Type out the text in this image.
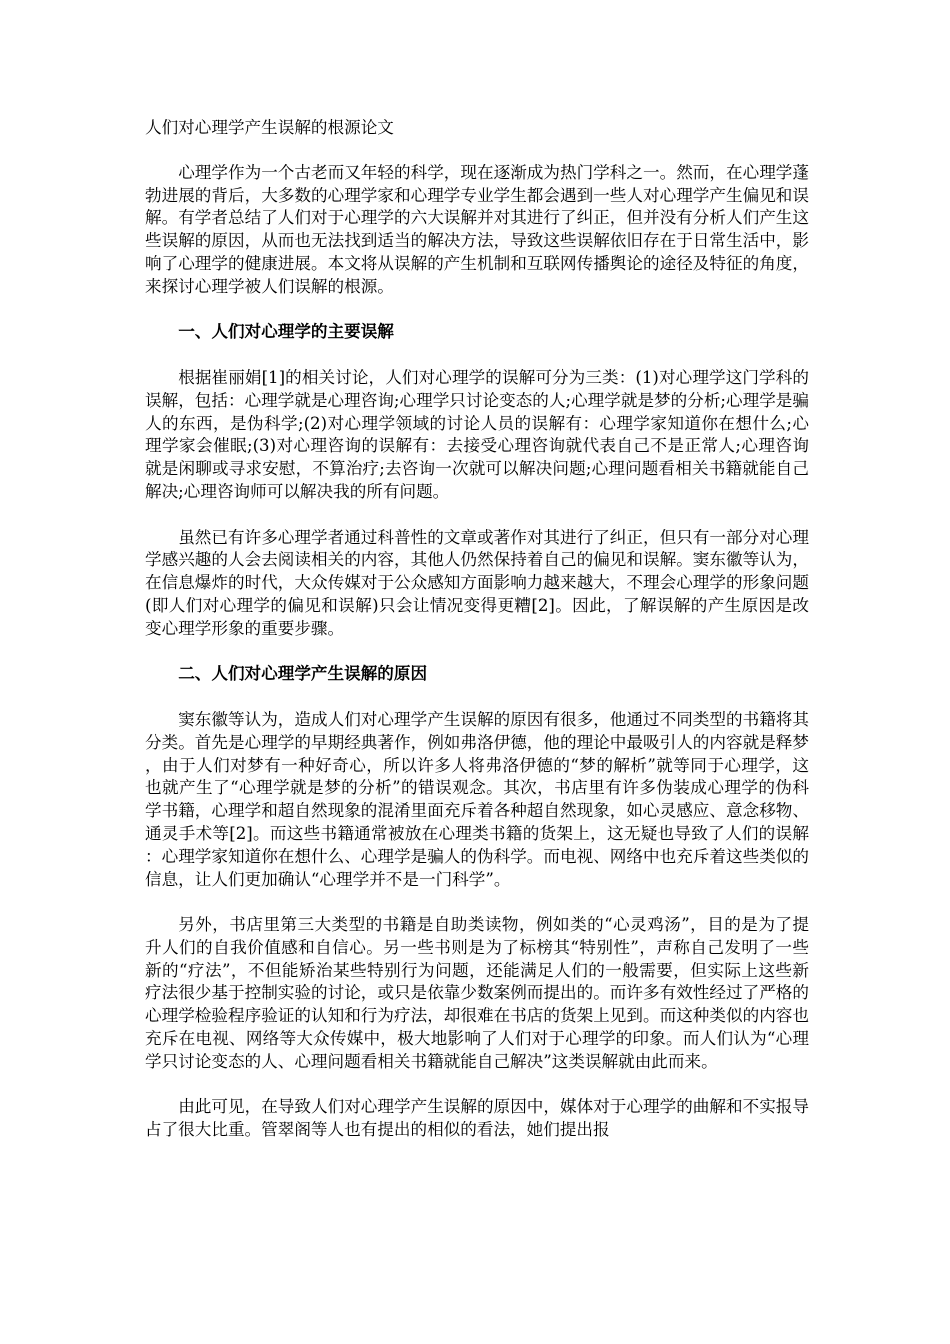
人们对心理学产生误解的根源论文

心理学作为一个古老而又年轻的科学，现在逐渐成为热门学科之一。然而，在心理学蓬勃进展的背后，大多数的心理学家和心理学专业学生都会遇到一些人对心理学产生偏见和误解。有学者总结了人们对于心理学的六大误解并对其进行了纠正，但并没有分析人们产生这些误解的原因，从而也无法找到适当的解决方法，导致这些误解依旧存在于日常生活中，影响了心理学的健康进展。本文将从误解的产生机制和互联网传播舆论的途径及特征的角度，来探讨心理学被人们误解的根源。

一、人们对心理学的主要误解

根据崔丽娟[1]的相关讨论，人们对心理学的误解可分为三类：(1)对心理学这门学科的误解，包括：心理学就是心理咨询;心理学只讨论变态的人;心理学就是梦的分析;心理学是骗人的东西，是伪科学;(2)对心理学领域的讨论人员的误解有：心理学家知道你在想什么;心理学家会催眠;(3)对心理咨询的误解有：去接受心理咨询就代表自己不是正常人;心理咨询就是闲聊或寻求安慰，不算治疗;去咨询一次就可以解决问题;心理问题看相关书籍就能自己解决;心理咨询师可以解决我的所有问题。

虽然已有许多心理学者通过科普性的文章或著作对其进行了纠正，但只有一部分对心理学感兴趣的人会去阅读相关的内容，其他人仍然保持着自己的偏见和误解。窦东徽等认为，在信息爆炸的时代，大众传媒对于公众感知方面影响力越来越大，不理会心理学的形象问题(即人们对心理学的偏见和误解)只会让情况变得更糟[2]。因此，了解误解的产生原因是改变心理学形象的重要步骤。

二、人们对心理学产生误解的原因

窦东徽等认为，造成人们对心理学产生误解的原因有很多，他通过不同类型的书籍将其分类。首先是心理学的早期经典著作，例如弗洛伊德，他的理论中最吸引人的内容就是释梦，由于人们对梦有一种好奇心，所以许多人将弗洛伊德的“梦的解析”就等同于心理学，这也就产生了“心理学就是梦的分析”的错误观念。其次，书店里有许多伪装成心理学的伪科学书籍，心理学和超自然现象的混淆里面充斥着各种超自然现象，如心灵感应、意念移物、通灵手术等[2]。而这些书籍通常被放在心理类书籍的货架上，这无疑也导致了人们的误解：心理学家知道你在想什么、心理学是骗人的伪科学。而电视、网络中也充斥着这些类似的信息，让人们更加确认“心理学并不是一门科学”。

另外，书店里第三大类型的书籍是自助类读物，例如类的“心灵鸡汤”，目的是为了提升人们的自我价值感和自信心。另一些书则是为了标榜其“特别性”，声称自己发明了一些新的“疗法”，不但能矫治某些特别行为问题，还能满足人们的一般需要，但实际上这些新疗法很少基于控制实验的讨论，或只是依靠少数案例而提出的。而许多有效性经过了严格的心理学检验程序验证的认知和行为疗法，却很难在书店的货架上见到。而这种类似的内容也充斥在电视、网络等大众传媒中，极大地影响了人们对于心理学的印象。而人们认为“心理学只讨论变态的人、心理问题看相关书籍就能自己解决”这类误解就由此而来。

由此可见，在导致人们对心理学产生误解的原因中，媒体对于心理学的曲解和不实报导占了很大比重。管翠阁等人也有提出的相似的看法，她们提出报
